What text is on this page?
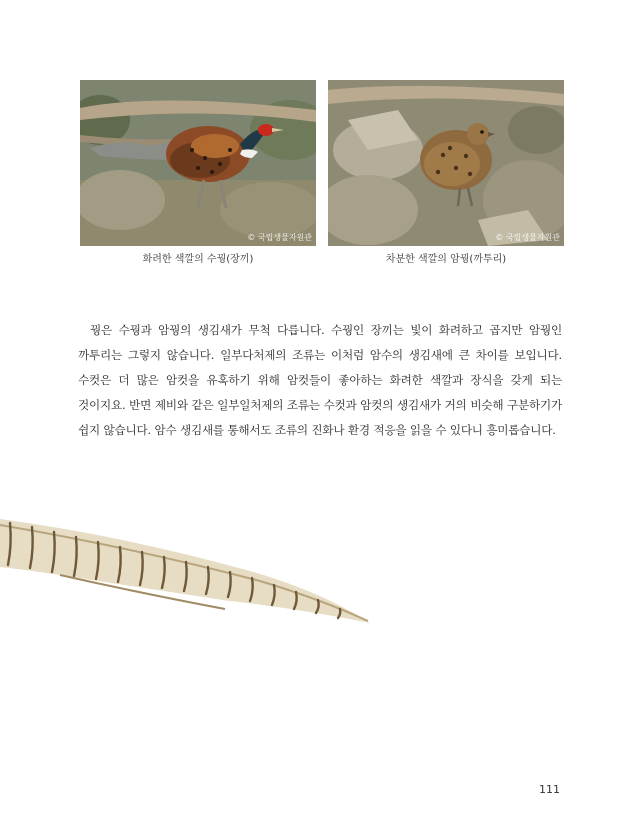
© 국립생물자원관
화려한 색깔의 수꿩(장끼)
© 국립생물자원관
차분한 색깔의 암꿩(까투리)

꿩은 수꿩과 암꿩의 생김새가 무척 다릅니다. 수꿩인 장끼는 빛이 화려하고 곱지만 암꿩인 까투리는 그렇지 않습니다. 일부다처제의 조류는 이처럼 암수의 생김새에 큰 차이를 보입니다. 수컷은 더 많은 암컷을 유혹하기 위해 암컷들이 좋아하는 화려한 색깔과 장식을 갖게 되는 것이지요. 반면 제비와 같은 일부일처제의 조류는 수컷과 암컷의 생김새가 거의 비슷해 구분하기가 쉽지 않습니다. 암수 생김새를 통해서도 조류의 진화나 환경 적응을 읽을 수 있다니 흥미롭습니다.

111
